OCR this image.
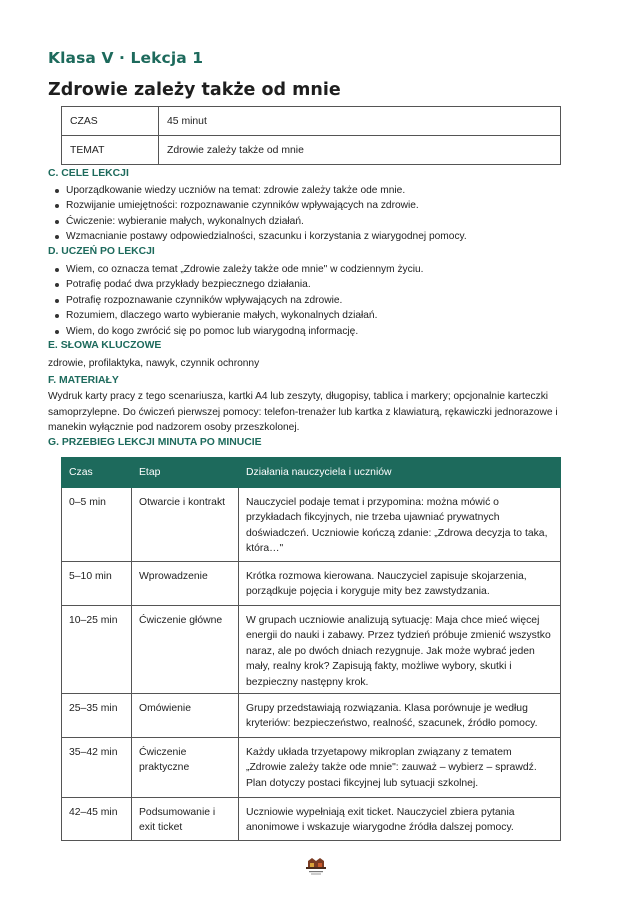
Klasa V · Lekcja 1
Zdrowie zależy także od mnie
CZAS	45 minut
TEMAT	Zdrowie zależy także od mnie
C. CELE LEKCJI
Uporządkowanie wiedzy uczniów na temat: zdrowie zależy także ode mnie.
Rozwijanie umiejętności: rozpoznawanie czynników wpływających na zdrowie.
Ćwiczenie: wybieranie małych, wykonalnych działań.
Wzmacnianie postawy odpowiedzialności, szacunku i korzystania z wiarygodnej pomocy.
D. UCZEŃ PO LEKCJI
Wiem, co oznacza temat „Zdrowie zależy także ode mnie" w codziennym życiu.
Potrafię podać dwa przykłady bezpiecznego działania.
Potrafię rozpoznawanie czynników wpływających na zdrowie.
Rozumiem, dlaczego warto wybieranie małych, wykonalnych działań.
Wiem, do kogo zwrócić się po pomoc lub wiarygodną informację.
E. SŁOWA KLUCZOWE

zdrowie, profilaktyka, nawyk, czynnik ochronny

F. MATERIAŁY

Wydruk karty pracy z tego scenariusza, kartki A4 lub zeszyty, długopisy, tablica i markery; opcjonalnie karteczki samoprzylepne. Do ćwiczeń pierwszej pomocy: telefon-trenażer lub kartka z klawiaturą, rękawiczki jednorazowe i manekin wyłącznie pod nadzorem osoby przeszkolonej.

G. PRZEBIEG LEKCJI MINUTA PO MINUCIE
Czas	Etap	Działania nauczyciela i uczniów
0–5 min	Otwarcie i kontrakt	Nauczyciel podaje temat i przypomina: można mówić o przykładach fikcyjnych, nie trzeba ujawniać prywatnych doświadczeń. Uczniowie kończą zdanie: „Zdrowa decyzja to taka, która…"
5–10 min	Wprowadzenie	Krótka rozmowa kierowana. Nauczyciel zapisuje skojarzenia, porządkuje pojęcia i koryguje mity bez zawstydzania.
10–25 min	Ćwiczenie główne	W grupach uczniowie analizują sytuację: Maja chce mieć więcej energii do nauki i zabawy. Przez tydzień próbuje zmienić wszystko naraz, ale po dwóch dniach rezygnuje. Jak może wybrać jeden mały, realny krok? Zapisują fakty, możliwe wybory, skutki i bezpieczny następny krok.
25–35 min	Omówienie	Grupy przedstawiają rozwiązania. Klasa porównuje je według kryteriów: bezpieczeństwo, realność, szacunek, źródło pomocy.
35–42 min	Ćwiczenie praktyczne	Każdy układa trzyetapowy mikroplan związany z tematem „Zdrowie zależy także ode mnie": zauważ – wybierz – sprawdź. Plan dotyczy postaci fikcyjnej lub sytuacji szkolnej.
42–45 min	Podsumowanie i exit ticket	Uczniowie wypełniają exit ticket. Nauczyciel zbiera pytania anonimowe i wskazuje wiarygodne źródła dalszej pomocy.
